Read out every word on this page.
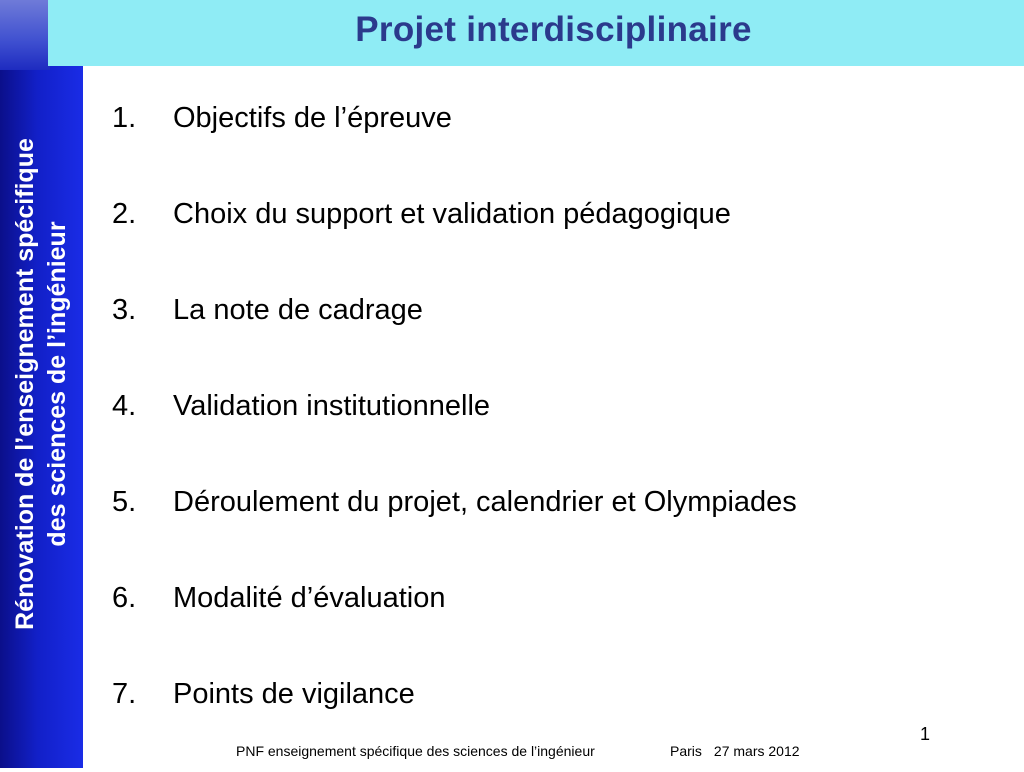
Rénovation de l’enseignement spécifique des sciences de l’ingénieur
Projet interdisciplinaire
1.	Objectifs de l’épreuve
2.	Choix du support et validation pédagogique
3.	La note de cadrage
4.	Validation institutionnelle
5.	Déroulement du projet, calendrier et Olympiades
6.	Modalité d’évaluation
7.	Points de vigilance
1
PNF enseignement spécifique des sciences de l’ingénieur	Paris 27 mars 2012
